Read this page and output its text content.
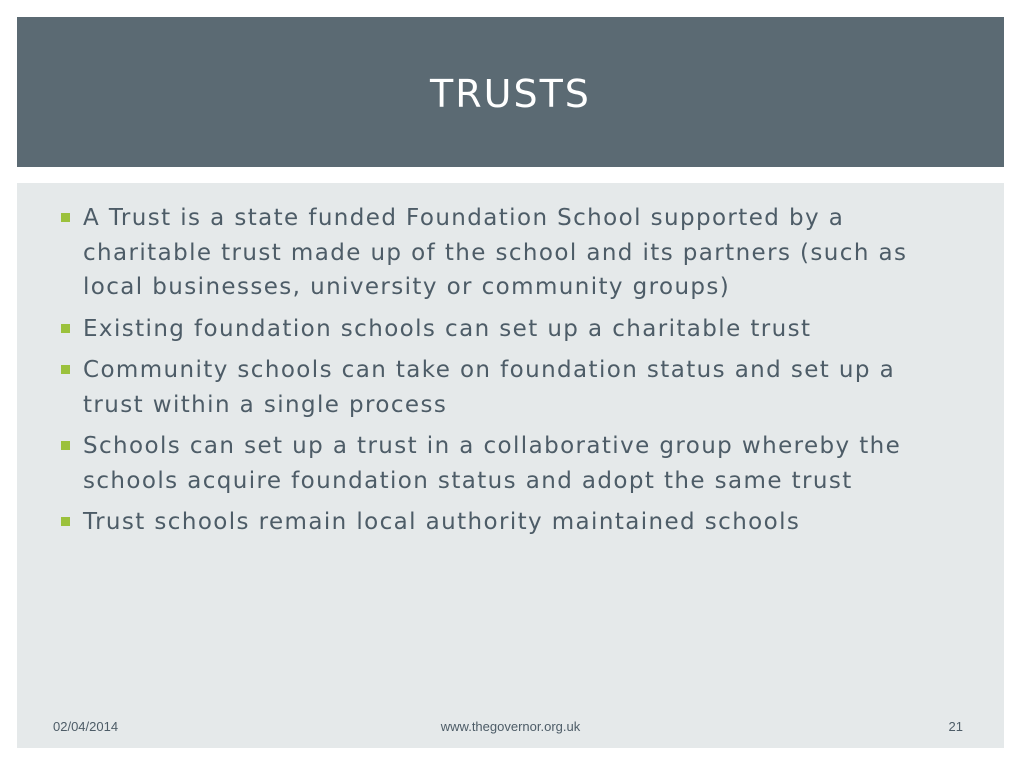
TRUSTS
A Trust is a state funded Foundation School supported by a charitable trust made up of the school and its partners (such as local businesses, university or community groups)
Existing foundation schools can set up a charitable trust
Community schools can take on foundation status and set up a trust within a single process
Schools can set up a trust in a collaborative group whereby the schools acquire foundation status and adopt the same trust
Trust schools remain local authority maintained schools
02/04/2014	www.thegovernor.org.uk	21
